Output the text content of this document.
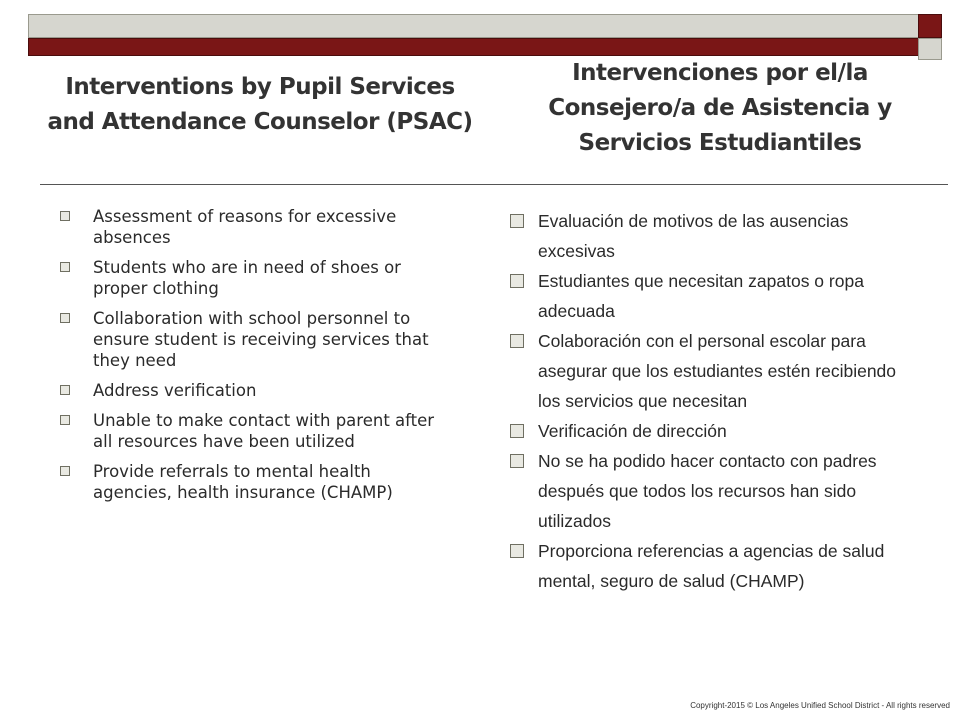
Interventions by Pupil Services and Attendance Counselor (PSAC)
Intervenciones por el/la Consejero/a de Asistencia y Servicios Estudiantiles
Assessment of reasons for excessive absences
Students who are in need of shoes or proper clothing
Collaboration with school personnel to ensure student is receiving services that they need
Address verification
Unable to make contact with parent after all resources have been utilized
Provide referrals to mental health agencies, health insurance (CHAMP)
Evaluación de motivos de las ausencias excesivas
Estudiantes que necesitan zapatos o ropa adecuada
Colaboración con el personal escolar para asegurar que los estudiantes estén recibiendo los servicios que necesitan
Verificación de dirección
No se ha podido hacer contacto con padres después que todos los recursos han sido utilizados
Proporciona referencias a agencias de salud mental, seguro de salud (CHAMP)
Copyright-2015 © Los Angeles Unified School District - All rights reserved
